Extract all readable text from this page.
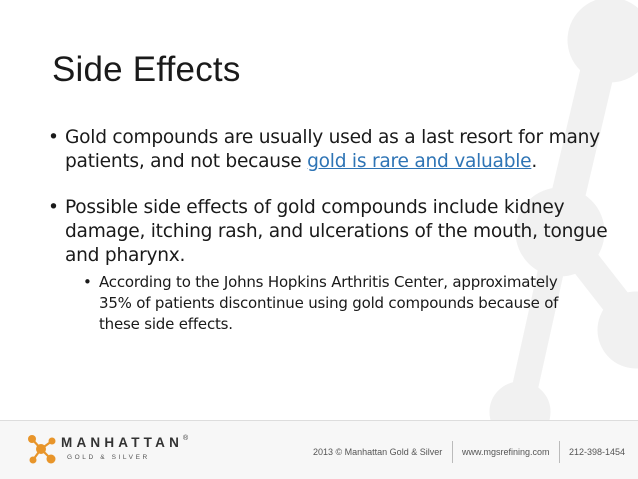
Side Effects
• Gold compounds are usually used as a last resort for many patients, and not because gold is rare and valuable.
• Possible side effects of gold compounds include kidney damage, itching rash, and ulcerations of the mouth, tongue and pharynx.
• According to the Johns Hopkins Arthritis Center, approximately 35% of patients discontinue using gold compounds because of these side effects.
MANHATTAN®
GOLD & SILVER
2013 © Manhattan Gold & Silver www.mgsrefining.com 212-398-1454
